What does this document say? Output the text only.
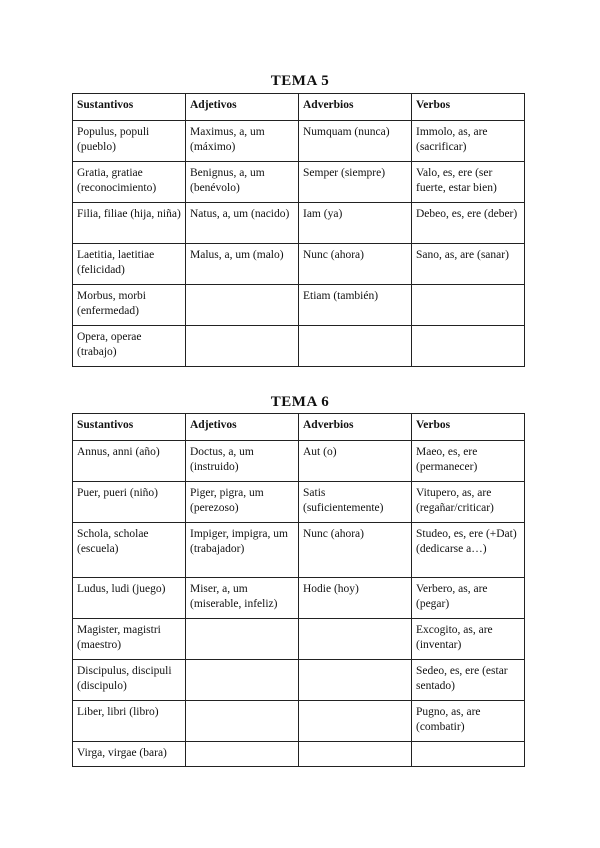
TEMA 5
Sustantivos	Adjetivos	Adverbios	Verbos
Populus, populi (pueblo)	Maximus, a, um (máximo)	Numquam (nunca)	Immolo, as, are (sacrificar)
Gratia, gratiae (reconocimiento)	Benignus, a, um (benévolo)	Semper (siempre)	Valo, es, ere (ser fuerte, estar bien)
Filia, filiae (hija, niña)	Natus, a, um (nacido)	Iam (ya)	Debeo, es, ere (deber)
Laetitia, laetitiae (felicidad)	Malus, a, um (malo)	Nunc (ahora)	Sano, as, are (sanar)
Morbus, morbi (enfermedad)		Etiam (también)	
Opera, operae (trabajo)			
TEMA 6
Sustantivos	Adjetivos	Adverbios	Verbos
Annus, anni (año)	Doctus, a, um (instruido)	Aut (o)	Maeo, es, ere (permanecer)
Puer, pueri (niño)	Piger, pigra, um (perezoso)	Satis (suficientemente)	Vitupero, as, are (regañar/criticar)
Schola, scholae (escuela)	Impiger, impigra, um (trabajador)	Nunc (ahora)	Studeo, es, ere (+Dat) (dedicarse a…)
Ludus, ludi (juego)	Miser, a, um (miserable, infeliz)	Hodie (hoy)	Verbero, as, are (pegar)
Magister, magistri (maestro)			Excogito, as, are (inventar)
Discipulus, discipuli (discipulo)			Sedeo, es, ere (estar sentado)
Liber, libri (libro)			Pugno, as, are (combatir)
Virga, virgae (bara)			
